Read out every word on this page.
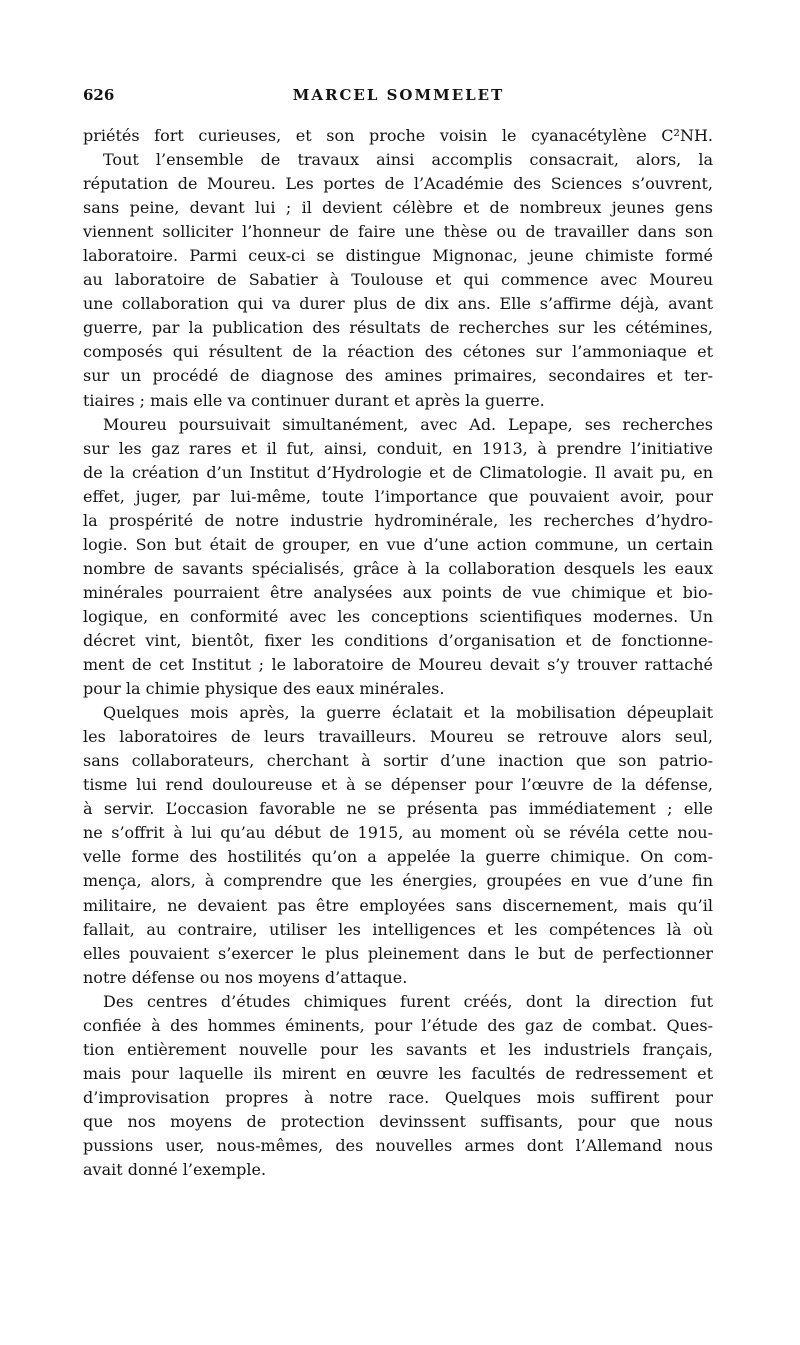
626	MARCEL SOMMELET
priétés fort curieuses, et son proche voisin le cyanacétylène C²NH.
Tout l’ensemble de travaux ainsi accomplis consacrait, alors, la
réputation de Moureu. Les portes de l’Académie des Sciences s’ouvrent,
sans peine, devant lui ; il devient célèbre et de nombreux jeunes gens
viennent solliciter l’honneur de faire une thèse ou de travailler dans son
laboratoire. Parmi ceux-ci se distingue Mignonac, jeune chimiste formé
au laboratoire de Sabatier à Toulouse et qui commence avec Moureu
une collaboration qui va durer plus de dix ans. Elle s’affirme déjà, avant
guerre, par la publication des résultats de recherches sur les cétémines,
composés qui résultent de la réaction des cétones sur l’ammoniaque et
sur un procédé de diagnose des amines primaires, secondaires et ter-
tiaires ; mais elle va continuer durant et après la guerre.
Moureu poursuivait simultanément, avec Ad. Lepape, ses recherches
sur les gaz rares et il fut, ainsi, conduit, en 1913, à prendre l’initiative
de la création d’un Institut d’Hydrologie et de Climatologie. Il avait pu, en
effet, juger, par lui-même, toute l’importance que pouvaient avoir, pour
la prospérité de notre industrie hydrominérale, les recherches d’hydro-
logie. Son but était de grouper, en vue d’une action commune, un certain
nombre de savants spécialisés, grâce à la collaboration desquels les eaux
minérales pourraient être analysées aux points de vue chimique et bio-
logique, en conformité avec les conceptions scientifiques modernes. Un
décret vint, bientôt, fixer les conditions d’organisation et de fonctionne-
ment de cet Institut ; le laboratoire de Moureu devait s’y trouver rattaché
pour la chimie physique des eaux minérales.
Quelques mois après, la guerre éclatait et la mobilisation dépeuplait
les laboratoires de leurs travailleurs. Moureu se retrouve alors seul,
sans collaborateurs, cherchant à sortir d’une inaction que son patrio-
tisme lui rend douloureuse et à se dépenser pour l’œuvre de la défense,
à servir. L’occasion favorable ne se présenta pas immédiatement ; elle
ne s’offrit à lui qu’au début de 1915, au moment où se révéla cette nou-
velle forme des hostilités qu’on a appelée la guerre chimique. On com-
mença, alors, à comprendre que les énergies, groupées en vue d’une fin
militaire, ne devaient pas être employées sans discernement, mais qu’il
fallait, au contraire, utiliser les intelligences et les compétences là où
elles pouvaient s’exercer le plus pleinement dans le but de perfectionner
notre défense ou nos moyens d’attaque.
Des centres d’études chimiques furent créés, dont la direction fut
confiée à des hommes éminents, pour l’étude des gaz de combat. Ques-
tion entièrement nouvelle pour les savants et les industriels français,
mais pour laquelle ils mirent en œuvre les facultés de redressement et
d’improvisation propres à notre race. Quelques mois suffirent pour
que nos moyens de protection devinssent suffisants, pour que nous
pussions user, nous-mêmes, des nouvelles armes dont l’Allemand nous
avait donné l’exemple.
